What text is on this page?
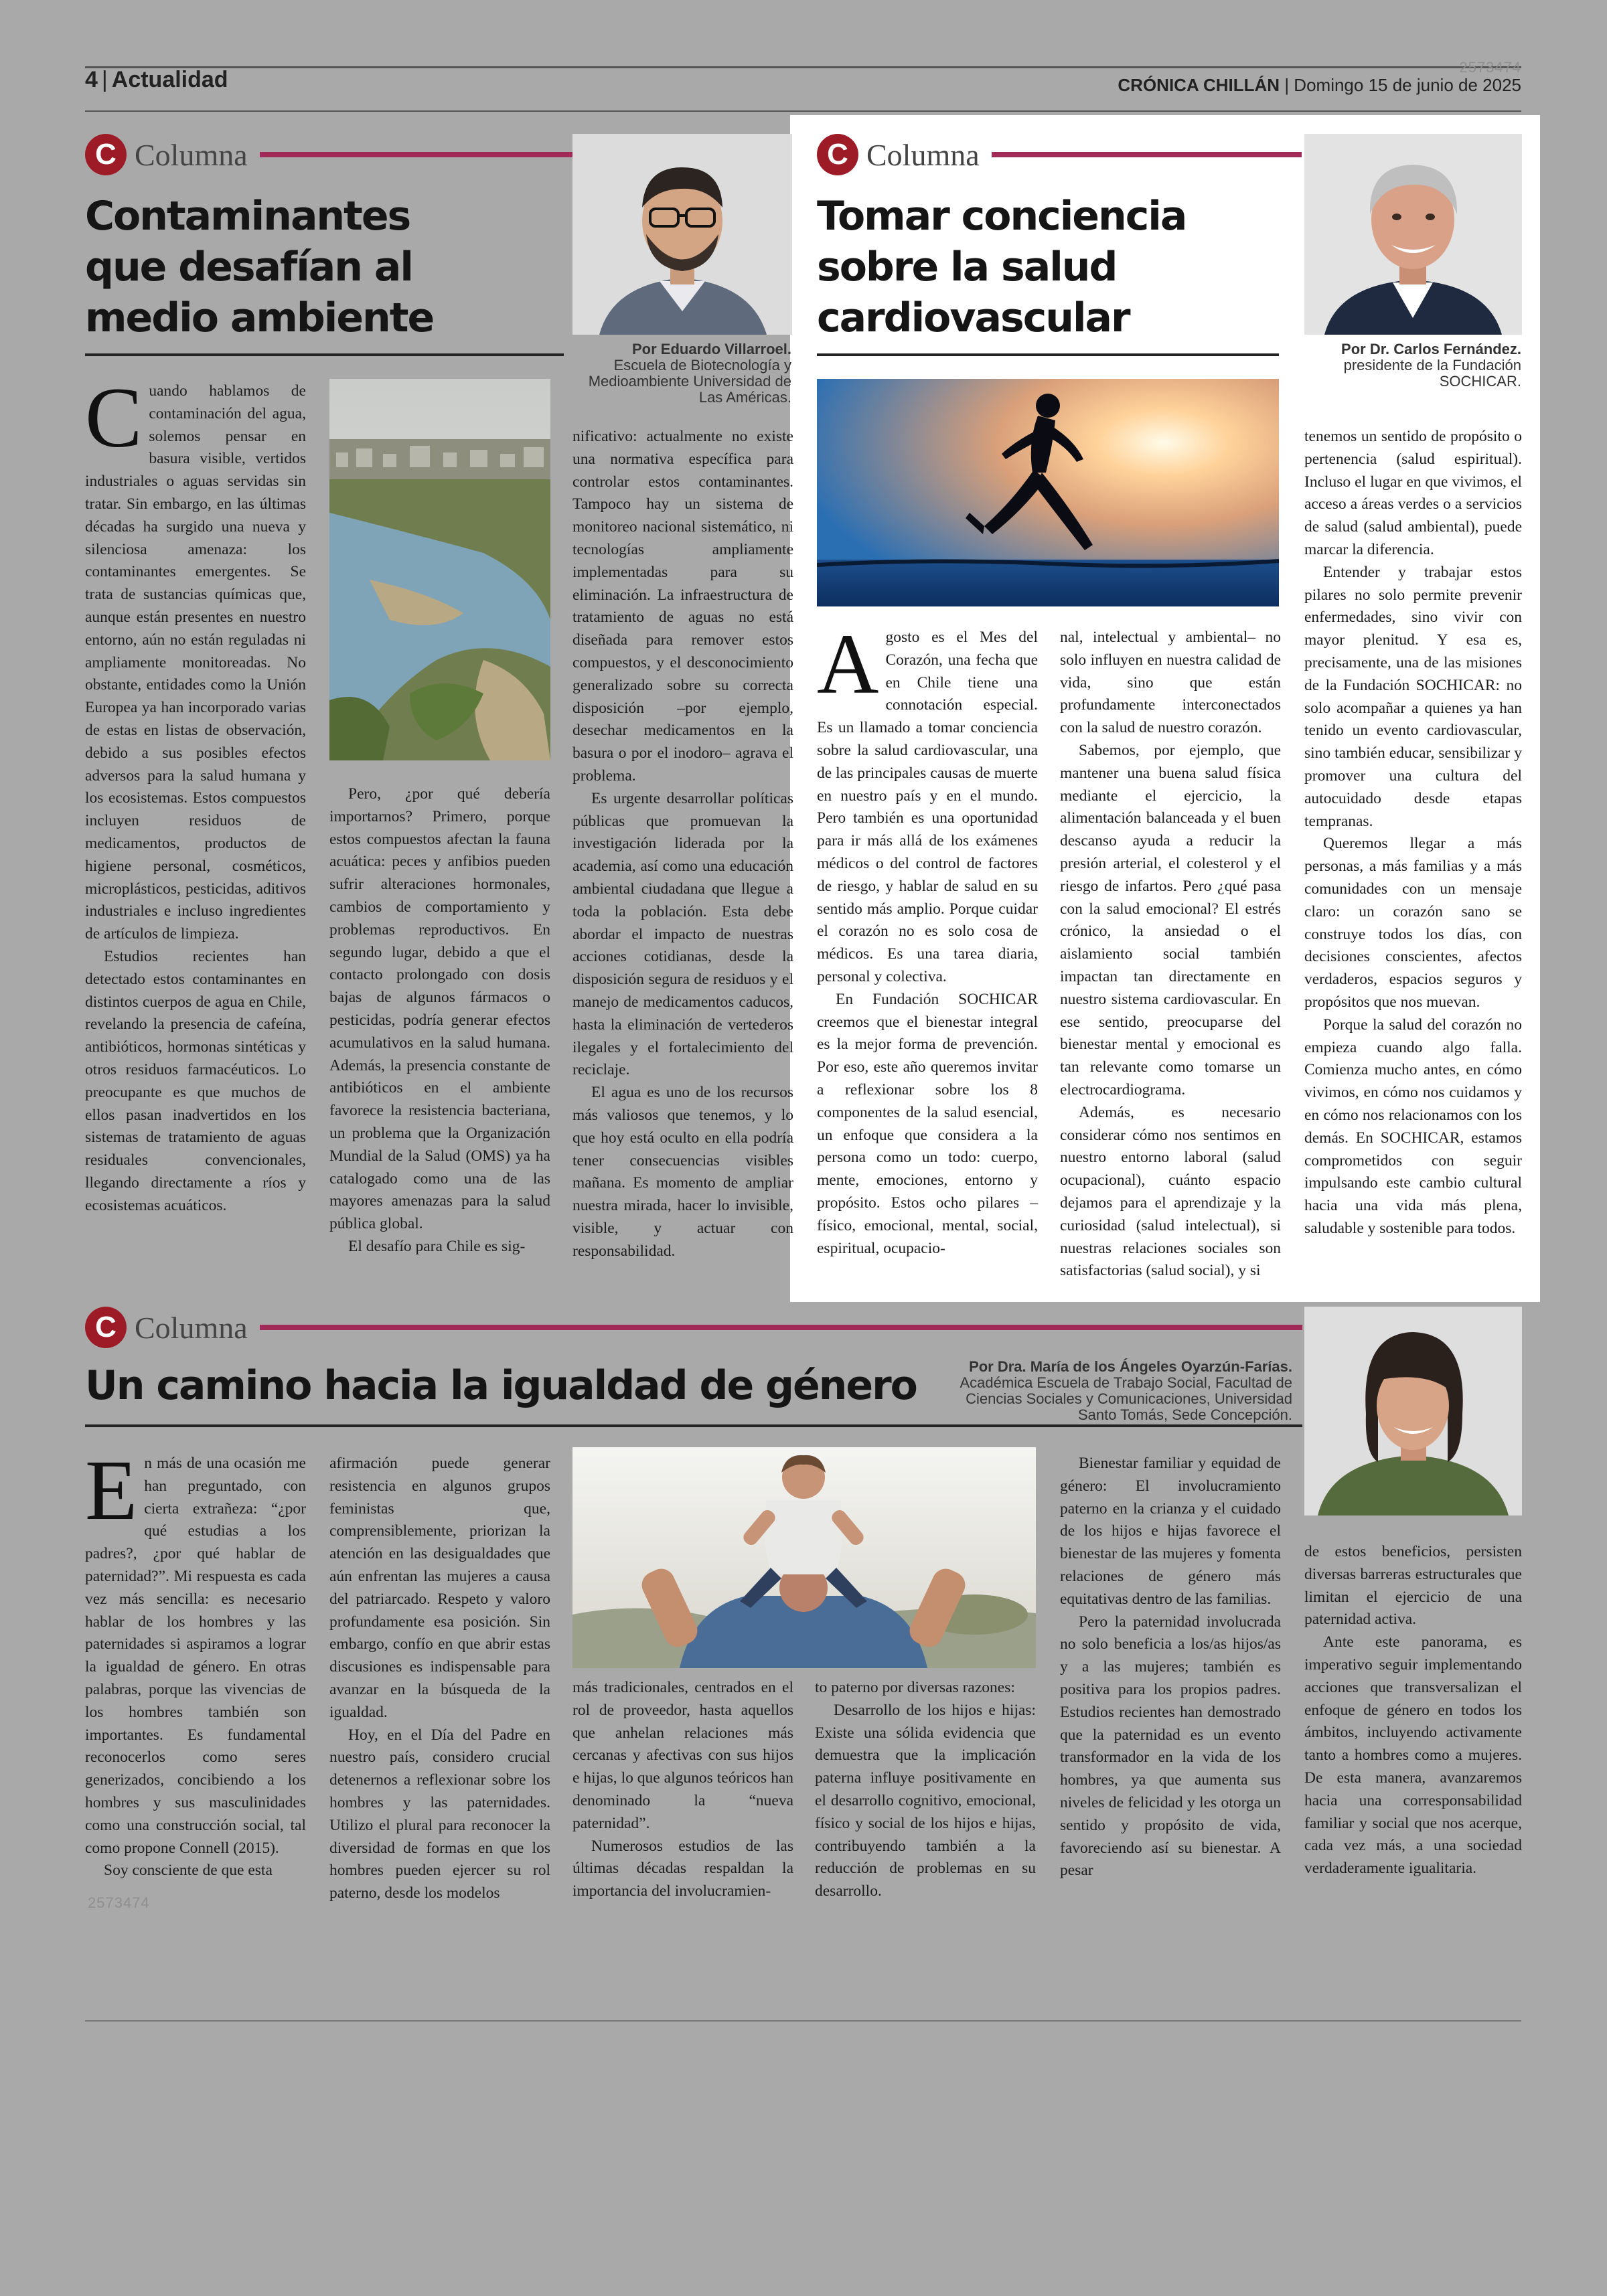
4 | Actualidad	2573474
CRÓNICA CHILLÁN | Domingo 15 de junio de 2025
C Columna
Contaminantes
que desafían al
medio ambiente
Por Eduardo Villarroel.
Escuela de Biotecnología y
Medioambiente Universidad de
Las Américas.

Cuando hablamos de contaminación del agua, solemos pensar en basura visible, vertidos industriales o aguas servidas sin tratar. Sin embargo, en las últimas décadas ha surgido una nueva y silenciosa amenaza: los contaminantes emergentes. Se trata de sustancias químicas que, aunque están presentes en nuestro entorno, aún no están reguladas ni ampliamente monitoreadas. No obstante, entidades como la Unión Europea ya han incorporado varias de estas en listas de observación, debido a sus posibles efectos adversos para la salud humana y los ecosistemas. Estos compuestos incluyen residuos de medicamentos, productos de higiene personal, cosméticos, microplásticos, pesticidas, aditivos industriales e incluso ingredientes de artículos de limpieza.

Estudios recientes han detectado estos contaminantes en distintos cuerpos de agua en Chile, revelando la presencia de cafeína, antibióticos, hormonas sintéticas y otros residuos farmacéuticos. Lo preocupante es que muchos de ellos pasan inadvertidos en los sistemas de tratamiento de aguas residuales convencionales, llegando directamente a ríos y ecosistemas acuáticos.

Pero, ¿por qué debería importarnos? Primero, porque estos compuestos afectan la fauna acuática: peces y anfibios pueden sufrir alteraciones hormonales, cambios de comportamiento y problemas reproductivos. En segundo lugar, debido a que el contacto prolongado con dosis bajas de algunos fármacos o pesticidas, podría generar efectos acumulativos en la salud humana. Además, la presencia constante de antibióticos en el ambiente favorece la resistencia bacteriana, un problema que la Organización Mundial de la Salud (OMS) ya ha catalogado como una de las mayores amenazas para la salud pública global.

El desafío para Chile es sig-

nificativo: actualmente no existe una normativa específica para controlar estos contaminantes. Tampoco hay un sistema de monitoreo nacional sistemático, ni tecnologías ampliamente implementadas para su eliminación. La infraestructura de tratamiento de aguas no está diseñada para remover estos compuestos, y el desconocimiento generalizado sobre su correcta disposición –por ejemplo, desechar medicamentos en la basura o por el inodoro– agrava el problema.

Es urgente desarrollar políticas públicas que promuevan la investigación liderada por la academia, así como una educación ambiental ciudadana que llegue a toda la población. Esta debe abordar el impacto de nuestras acciones cotidianas, desde la disposición segura de residuos y el manejo de medicamentos caducos, hasta la eliminación de vertederos ilegales y el fortalecimiento del reciclaje.

El agua es uno de los recursos más valiosos que tenemos, y lo que hoy está oculto en ella podría tener consecuencias visibles mañana. Es momento de ampliar nuestra mirada, hacer lo invisible, visible, y actuar con responsabilidad.

C Columna
Tomar conciencia
sobre la salud
cardiovascular
Por Dr. Carlos Fernández.
presidente de la Fundación
SOCHICAR.

Agosto es el Mes del Corazón, una fecha que en Chile tiene una connotación especial. Es un llamado a tomar conciencia sobre la salud cardiovascular, una de las principales causas de muerte en nuestro país y en el mundo. Pero también es una oportunidad para ir más allá de los exámenes médicos o del control de factores de riesgo, y hablar de salud en su sentido más amplio. Porque cuidar el corazón no es solo cosa de médicos. Es una tarea diaria, personal y colectiva.

En Fundación SOCHICAR creemos que el bienestar integral es la mejor forma de prevención. Por eso, este año queremos invitar a reflexionar sobre los 8 componentes de la salud esencial, un enfoque que considera a la persona como un todo: cuerpo, mente, emociones, entorno y propósito. Estos ocho pilares –físico, emocional, mental, social, espiritual, ocupacio-

nal, intelectual y ambiental– no solo influyen en nuestra calidad de vida, sino que están profundamente interconectados con la salud de nuestro corazón.

Sabemos, por ejemplo, que mantener una buena salud física mediante el ejercicio, la alimentación balanceada y el buen descanso ayuda a reducir la presión arterial, el colesterol y el riesgo de infartos. Pero ¿qué pasa con la salud emocional? El estrés crónico, la ansiedad o el aislamiento social también impactan tan directamente en nuestro sistema cardiovascular. En ese sentido, preocuparse del bienestar mental y emocional es tan relevante como tomarse un electrocardiograma.

Además, es necesario considerar cómo nos sentimos en nuestro entorno laboral (salud ocupacional), cuánto espacio dejamos para el aprendizaje y la curiosidad (salud intelectual), si nuestras relaciones sociales son satisfactorias (salud social), y si

tenemos un sentido de propósito o pertenencia (salud espiritual). Incluso el lugar en que vivimos, el acceso a áreas verdes o a servicios de salud (salud ambiental), puede marcar la diferencia.

Entender y trabajar estos pilares no solo permite prevenir enfermedades, sino vivir con mayor plenitud. Y esa es, precisamente, una de las misiones de la Fundación SOCHICAR: no solo acompañar a quienes ya han tenido un evento cardiovascular, sino también educar, sensibilizar y promover una cultura del autocuidado desde etapas tempranas.

Queremos llegar a más personas, a más familias y a más comunidades con un mensaje claro: un corazón sano se construye todos los días, con decisiones conscientes, afectos verdaderos, espacios seguros y propósitos que nos muevan.

Porque la salud del corazón no empieza cuando algo falla. Comienza mucho antes, en cómo vivimos, en cómo nos cuidamos y en cómo nos relacionamos con los demás. En SOCHICAR, estamos comprometidos con seguir impulsando este cambio cultural hacia una vida más plena, saludable y sostenible para todos.

C Columna
Un camino hacia la igualdad de género	Por Dra. María de los Ángeles Oyarzún-Farías.
Académica Escuela de Trabajo Social, Facultad de
Ciencias Sociales y Comunicaciones, Universidad
Santo Tomás, Sede Concepción.

En más de una ocasión me han preguntado, con cierta extrañeza: “¿por qué estudias a los padres?, ¿por qué hablar de paternidad?”. Mi respuesta es cada vez más sencilla: es necesario hablar de los hombres y las paternidades si aspiramos a lograr la igualdad de género. En otras palabras, porque las vivencias de los hombres también son importantes. Es fundamental reconocerlos como seres generizados, concibiendo a los hombres y sus masculinidades como una construcción social, tal como propone Connell (2015).

Soy consciente de que esta

afirmación puede generar resistencia en algunos grupos feministas que, comprensiblemente, priorizan la atención en las desigualdades que aún enfrentan las mujeres a causa del patriarcado. Respeto y valoro profundamente esa posición. Sin embargo, confío en que abrir estas discusiones es indispensable para avanzar en la búsqueda de la igualdad.

Hoy, en el Día del Padre en nuestro país, considero crucial detenernos a reflexionar sobre los hombres y las paternidades. Utilizo el plural para reconocer la diversidad de formas en que los hombres pueden ejercer su rol paterno, desde los modelos

más tradicionales, centrados en el rol de proveedor, hasta aquellos que anhelan relaciones más cercanas y afectivas con sus hijos e hijas, lo que algunos teóricos han denominado la “nueva paternidad”.

Numerosos estudios de las últimas décadas respaldan la importancia del involucramien-

to paterno por diversas razones:

Desarrollo de los hijos e hijas: Existe una sólida evidencia que demuestra que la implicación paterna influye positivamente en el desarrollo cognitivo, emocional, físico y social de los hijos e hijas, contribuyendo también a la reducción de problemas en su desarrollo.

Bienestar familiar y equidad de género: El involucramiento paterno en la crianza y el cuidado de los hijos e hijas favorece el bienestar de las mujeres y fomenta relaciones de género más equitativas dentro de las familias.

Pero la paternidad involucrada no solo beneficia a los/as hijos/as y a las mujeres; también es positiva para los propios padres. Estudios recientes han demostrado que la paternidad es un evento transformador en la vida de los hombres, ya que aumenta sus niveles de felicidad y les otorga un sentido y propósito de vida, favoreciendo así su bienestar. A pesar

de estos beneficios, persisten diversas barreras estructurales que limitan el ejercicio de una paternidad activa.

Ante este panorama, es imperativo seguir implementando acciones que transversalizan el enfoque de género en todos los ámbitos, incluyendo activamente tanto a hombres como a mujeres. De esta manera, avanzaremos hacia una corresponsabilidad familiar y social que nos acerque, cada vez más, a una sociedad verdaderamente igualitaria.

2573474
